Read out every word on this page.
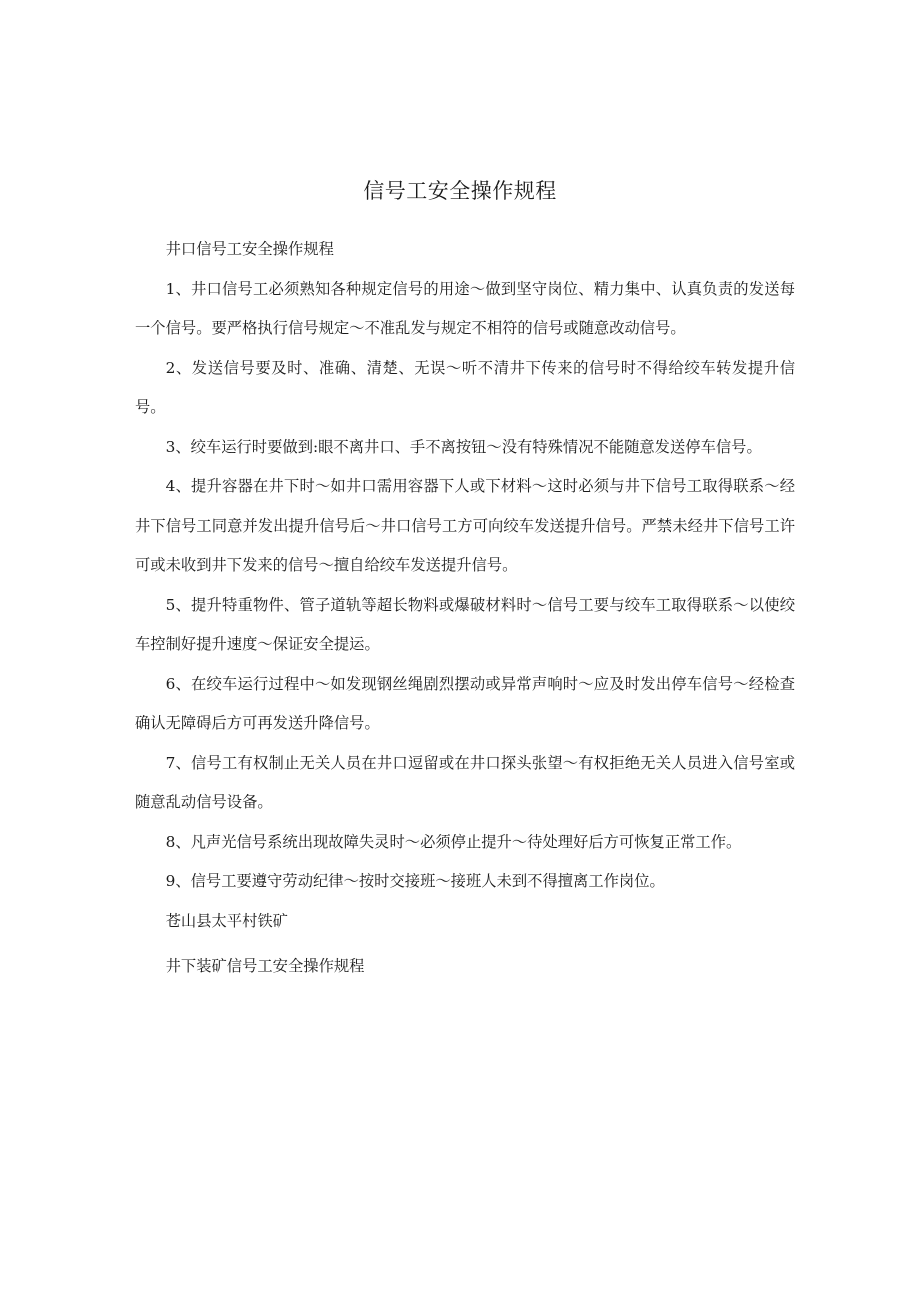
信号工安全操作规程

井口信号工安全操作规程

1、井口信号工必须熟知各种规定信号的用途～做到坚守岗位、精力集中、认真负责的发送每一个信号。要严格执行信号规定～不准乱发与规定不相符的信号或随意改动信号。

2、发送信号要及时、准确、清楚、无误～听不清井下传来的信号时不得给绞车转发提升信号。

3、绞车运行时要做到:眼不离井口、手不离按钮～没有特殊情况不能随意发送停车信号。

4、提升容器在井下时～如井口需用容器下人或下材料～这时必须与井下信号工取得联系～经井下信号工同意并发出提升信号后～井口信号工方可向绞车发送提升信号。严禁未经井下信号工许可或未收到井下发来的信号～擅自给绞车发送提升信号。

5、提升特重物件、管子道轨等超长物料或爆破材料时～信号工要与绞车工取得联系～以使绞车控制好提升速度～保证安全提运。

6、在绞车运行过程中～如发现钢丝绳剧烈摆动或异常声响时～应及时发出停车信号～经检查确认无障碍后方可再发送升降信号。

7、信号工有权制止无关人员在井口逗留或在井口探头张望～有权拒绝无关人员进入信号室或随意乱动信号设备。

8、凡声光信号系统出现故障失灵时～必须停止提升～待处理好后方可恢复正常工作。

9、信号工要遵守劳动纪律～按时交接班～接班人未到不得擅离工作岗位。

苍山县太平村铁矿

井下装矿信号工安全操作规程
